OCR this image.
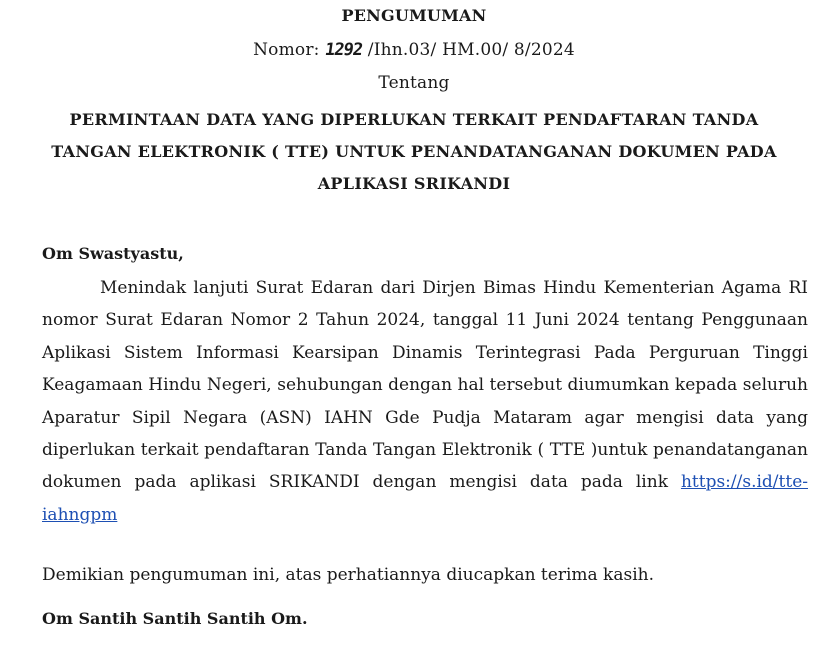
PENGUMUMAN

Nomor: 1292 /Ihn.03/ HM.00/ 8/2024

Tentang

PERMINTAAN DATA YANG DIPERLUKAN TERKAIT PENDAFTARAN TANDA
TANGAN ELEKTRONIK ( TTE) UNTUK PENANDATANGANAN DOKUMEN PADA
APLIKASI SRIKANDI
Om Swastyastu,
Menindak lanjuti Surat Edaran dari Dirjen Bimas Hindu Kementerian Agama RI nomor Surat Edaran Nomor 2 Tahun 2024, tanggal 11 Juni 2024 tentang Penggunaan Aplikasi Sistem Informasi Kearsipan Dinamis Terintegrasi Pada Perguruan Tinggi Keagamaan Hindu Negeri, sehubungan dengan hal tersebut diumumkan kepada seluruh Aparatur Sipil Negara (ASN) IAHN Gde Pudja Mataram agar mengisi data yang diperlukan terkait pendaftaran Tanda Tangan Elektronik ( TTE )untuk penandatanganan dokumen pada aplikasi SRIKANDI dengan mengisi data pada link https://s.id/tte-iahngpm
Demikian pengumuman ini, atas perhatiannya diucapkan terima kasih.
Om Santih Santih Santih Om.
